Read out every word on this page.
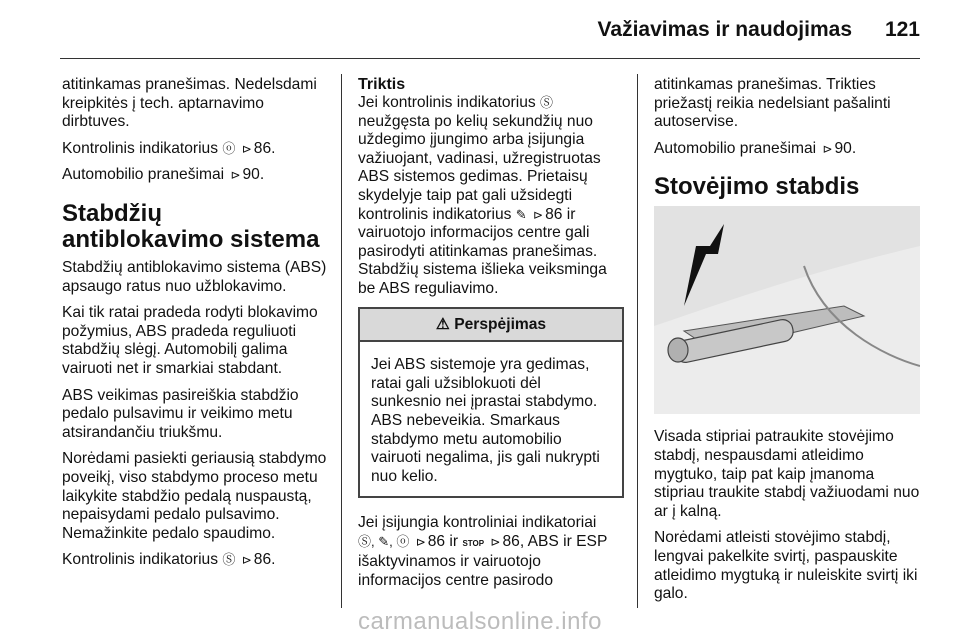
Važiavimas ir naudojimas 121

atitinkamas pranešimas. Nedelsdami kreipkitės į tech. aptarnavimo dirbtuves.

Kontrolinis indikatorius ⓞ ⊳ 86.

Automobilio pranešimai ⊳ 90.

Stabdžių antiblokavimo sistema

Stabdžių antiblokavimo sistema (ABS) apsaugo ratus nuo užblokavimo.

Kai tik ratai pradeda rodyti blokavimo požymius, ABS pradeda reguliuoti stabdžių slėgį. Automobilį galima vairuoti net ir smarkiai stabdant.

ABS veikimas pasireiškia stabdžio pedalo pulsavimu ir veikimo metu atsirandančiu triukšmu.

Norėdami pasiekti geriausią stabdymo poveikį, viso stabdymo proceso metu laikykite stabdžio pedalą nuspaustą, nepaisydami pedalo pulsavimo. Nemažinkite pedalo spaudimo.

Kontrolinis indikatorius Ⓢ ⊳ 86.

Triktis

Jei kontrolinis indikatorius Ⓢ neužgęsta po kelių sekundžių nuo uždegimo įjungimo arba įsijungia važiuojant, vadinasi, užregistruotas ABS sistemos gedimas. Prietaisų skydelyje taip pat gali užsidegti kontrolinis indikatorius ✎ ⊳ 86 ir vairuotojo informacijos centre gali pasirodyti atitinkamas pranešimas. Stabdžių sistema išlieka veiksminga be ABS reguliavimo.

⚠ Perspėjimas
Jei ABS sistemoje yra gedimas, ratai gali užsiblokuoti dėl sunkesnio nei įprastai stabdymo. ABS nebeveikia. Smarkaus stabdymo metu automobilio vairuoti negalima, jis gali nukrypti nuo kelio.

Jei įsijungia kontroliniai indikatoriai Ⓢ, ✎, ⓞ ⊳ 86 ir STOP ⊳ 86, ABS ir ESP išaktyvinamos ir vairuotojo informacijos centre pasirodo

atitinkamas pranešimas. Trikties priežastį reikia nedelsiant pašalinti autoservise.

Automobilio pranešimai ⊳ 90.

Stovėjimo stabdis

Visada stipriai patraukite stovėjimo stabdį, nespausdami atleidimo mygtuko, taip pat kaip įmanoma stipriau traukite stabdį važiuodami nuo ar į kalną.

Norėdami atleisti stovėjimo stabdį, lengvai pakelkite svirtį, paspauskite atleidimo mygtuką ir nuleiskite svirtį iki galo.

carmanualsonline.info
